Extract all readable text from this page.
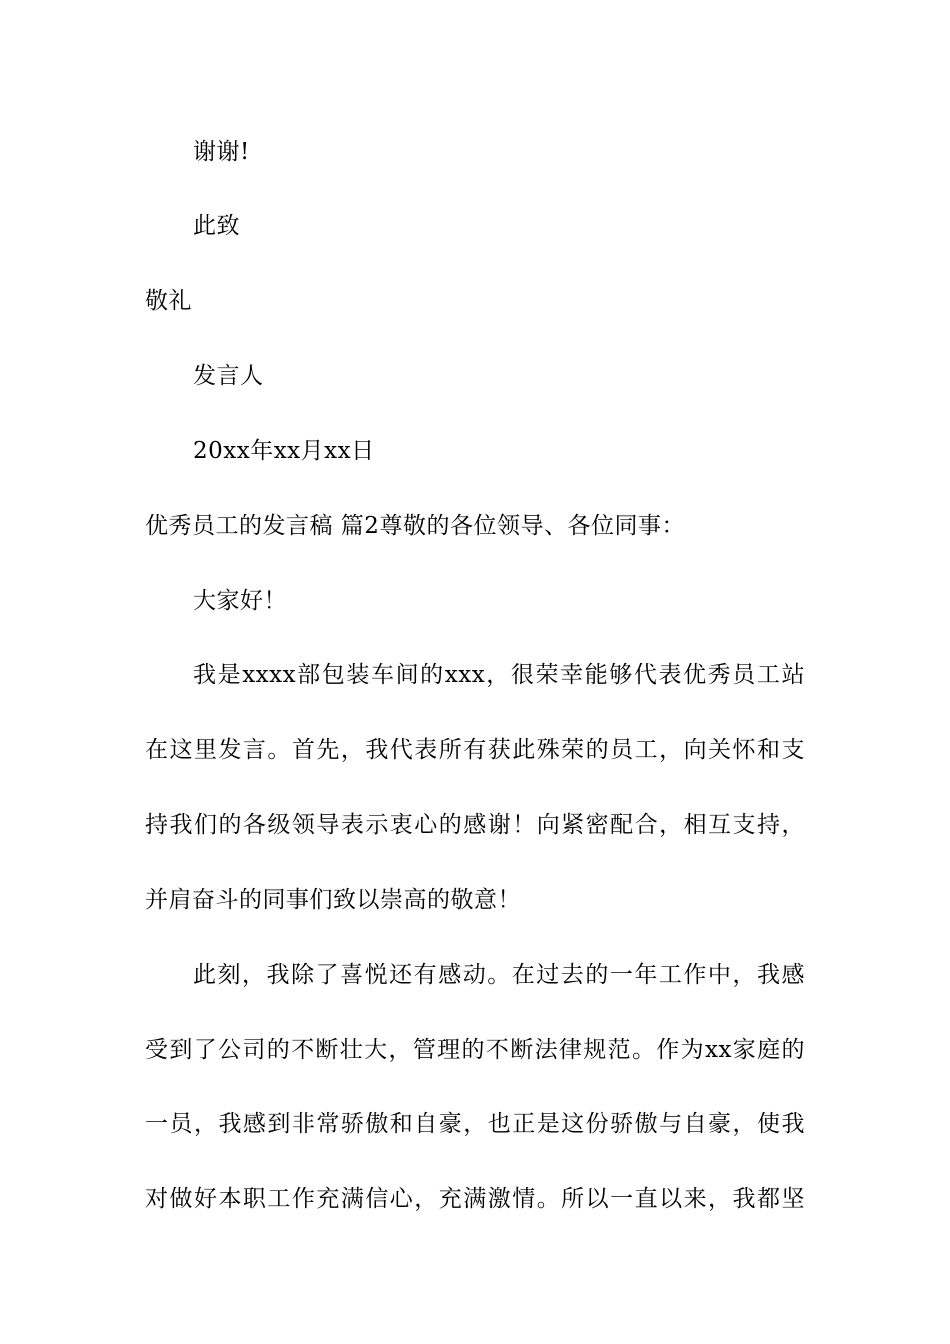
谢谢!
此致
敬礼
发言人
20xx年xx月xx日
优秀员工的发言稿 篇2尊敬的各位领导、各位同事：
大家好！
我是xxxx部包装车间的xxx，很荣幸能够代表优秀员工站
在这里发言。首先，我代表所有获此殊荣的员工，向关怀和支
持我们的各级领导表示衷心的感谢！向紧密配合，相互支持，
并肩奋斗的同事们致以崇高的敬意！
此刻，我除了喜悦还有感动。在过去的一年工作中，我感
受到了公司的不断壮大，管理的不断法律规范。作为xx家庭的
一员，我感到非常骄傲和自豪，也正是这份骄傲与自豪，使我
对做好本职工作充满信心，充满激情。所以一直以来，我都坚
